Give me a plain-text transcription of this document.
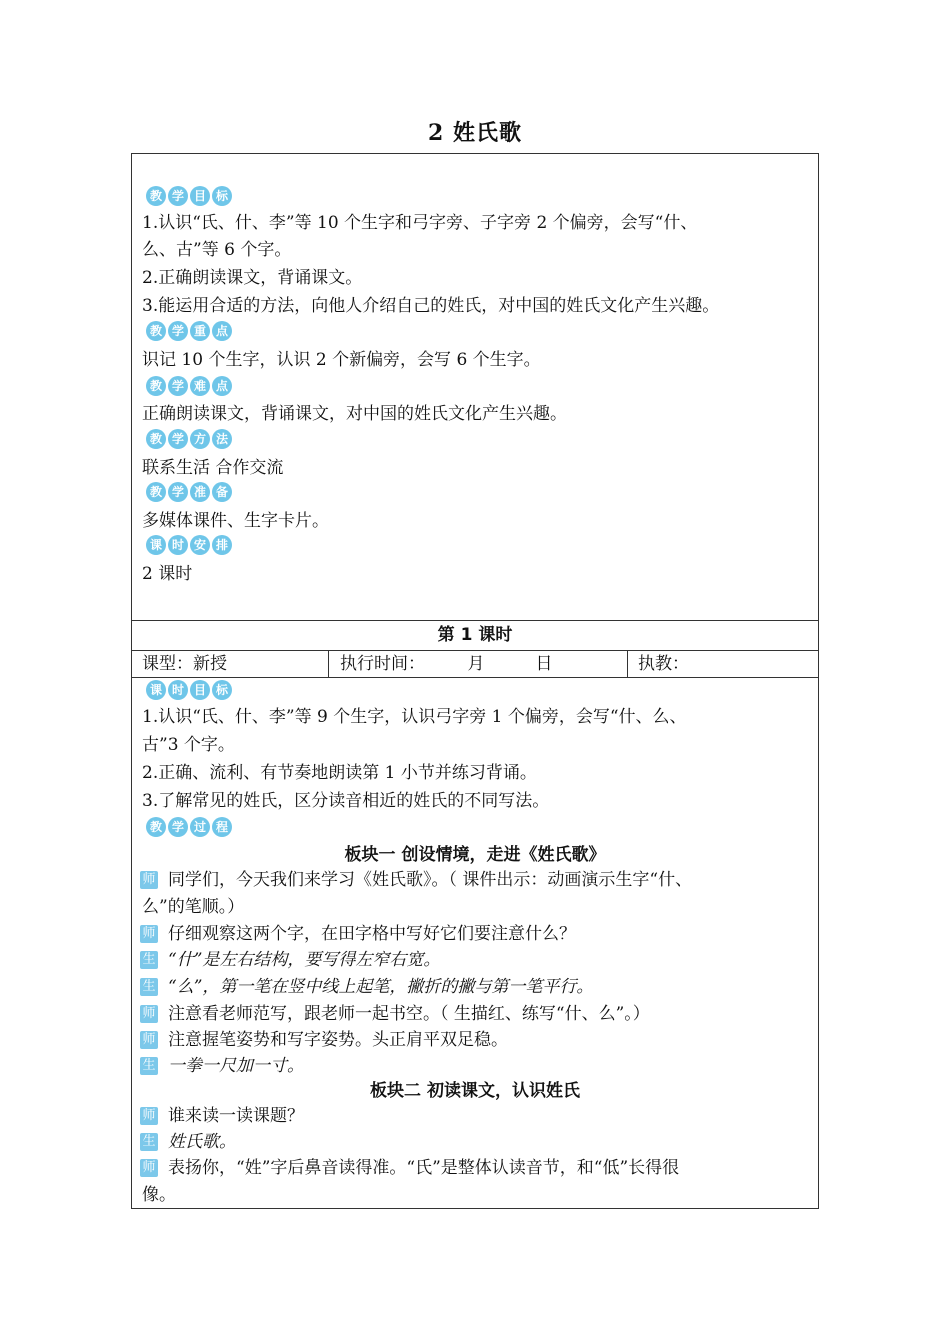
2 姓氏歌
教 学 目 标
1.认识“氏、什、李”等 10 个生字和弓字旁、子字旁 2 个偏旁，会写“什、
么、古”等 6 个字。
2.正确朗读课文，背诵课文。
3.能运用合适的方法，向他人介绍自己的姓氏，对中国的姓氏文化产生兴趣。
教 学 重 点
识记 10 个生字，认识 2 个新偏旁，会写 6 个生字。
教 学 难 点
正确朗读课文，背诵课文，对中国的姓氏文化产生兴趣。
教 学 方 法
联系生活 合作交流
教 学 准 备
多媒体课件、生字卡片。
课 时 安 排
2 课时
第 1 课时
课型：新授	执行时间：　　　月　　　日	执教：
课 时 目 标
1.认识“氏、什、李”等 9 个生字，认识弓字旁 1 个偏旁，会写“什、么、
古”3 个字。
2.正确、流利、有节奏地朗读第 1 小节并练习背诵。
3.了解常见的姓氏，区分读音相近的姓氏的不同写法。
教 学 过 程
板块一 创设情境，走进《姓氏歌》
师 同学们，今天我们来学习《姓氏歌》。（ 课件出示：动画演示生字“什、
么”的笔顺。）
师 仔细观察这两个字，在田字格中写好它们要注意什么？
生 “什”是左右结构，要写得左窄右宽。
生 “么”，第一笔在竖中线上起笔，撇折的撇与第一笔平行。
师 注意看老师范写，跟老师一起书空。（ 生描红、练写“什、么”。）
师 注意握笔姿势和写字姿势。头正肩平双足稳。
生 一拳一尺加一寸。
板块二 初读课文，认识姓氏
师 谁来读一读课题？
生 姓氏歌。
师 表扬你，“姓”字后鼻音读得准。“氏”是整体认读音节，和“低”长得很
像。
